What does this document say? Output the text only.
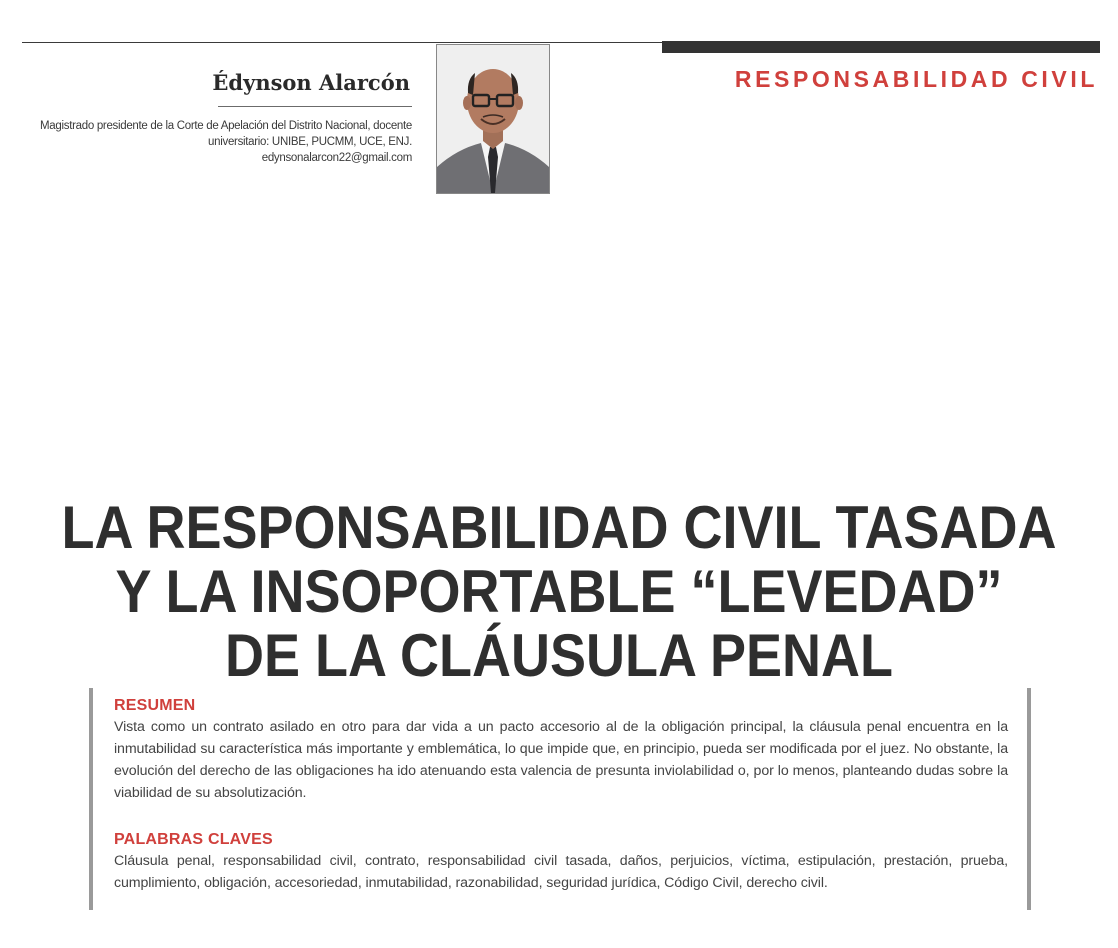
Édynson Alarcón
Magistrado presidente de la Corte de Apelación del Distrito Nacional, docente
universitario: UNIBE, PUCMM, UCE, ENJ.
edynsonalarcon22@gmail.com
RESPONSABILIDAD CIVIL
LA RESPONSABILIDAD CIVIL TASADA
Y LA INSOPORTABLE “LEVEDAD”
DE LA CLÁUSULA PENAL
RESUMEN

Vista como un contrato asilado en otro para dar vida a un pacto accesorio al de la obligación principal, la cláusula penal encuentra en la inmutabilidad su característica más importante y emblemática, lo que impide que, en principio, pueda ser modificada por el juez. No obstante, la evolución del derecho de las obligaciones ha ido atenuando esta valencia de presunta inviolabilidad o, por lo menos, planteando dudas sobre la viabilidad de su absolutización.

PALABRAS CLAVES

Cláusula penal, responsabilidad civil, contrato, responsabilidad civil tasada, daños, perjuicios, víctima, estipulación, prestación, prueba, cumplimiento, obligación, accesoriedad, inmutabilidad, razonabilidad, seguridad jurídica, Código Civil, derecho civil.
